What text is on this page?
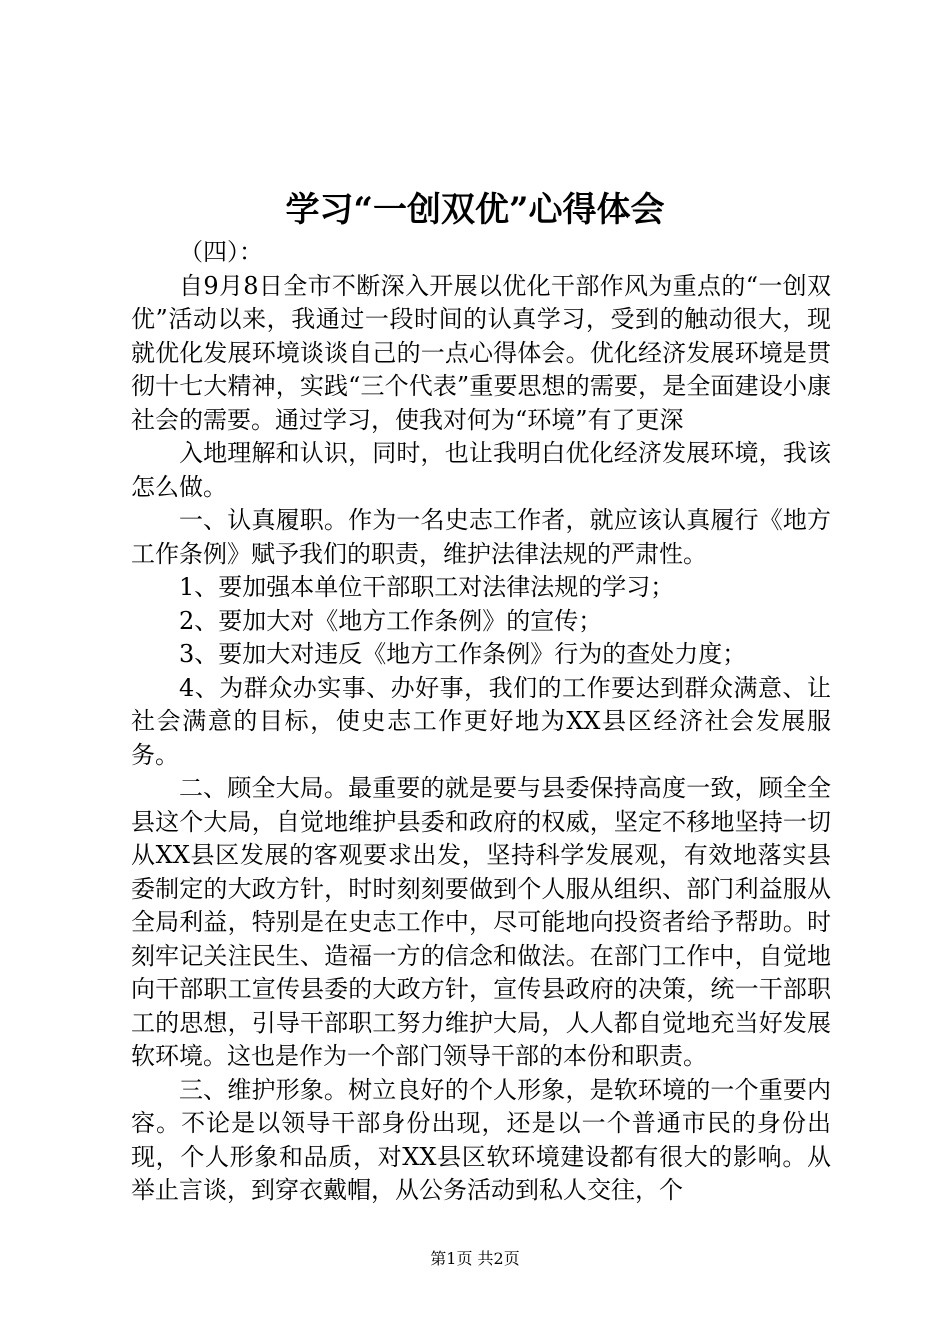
学习“一创双优”心得体会

（四）：

自9月8日全市不断深入开展以优化干部作风为重点的“一创双优”活动以来，我通过一段时间的认真学习，受到的触动很大，现就优化发展环境谈谈自己的一点心得体会。优化经济发展环境是贯彻十七大精神，实践“三个代表”重要思想的需要，是全面建设小康社会的需要。通过学习，使我对何为“环境”有了更深

入地理解和认识，同时，也让我明白优化经济发展环境，我该怎么做。

一、认真履职。作为一名史志工作者，就应该认真履行《地方工作条例》赋予我们的职责，维护法律法规的严肃性。

1、要加强本单位干部职工对法律法规的学习；

2、要加大对《地方工作条例》的宣传；

3、要加大对违反《地方工作条例》行为的查处力度；

4、为群众办实事、办好事，我们的工作要达到群众满意、让社会满意的目标，使史志工作更好地为XX县区经济社会发展服务。

二、顾全大局。最重要的就是要与县委保持高度一致，顾全全县这个大局，自觉地维护县委和政府的权威，坚定不移地坚持一切从XX县区发展的客观要求出发，坚持科学发展观，有效地落实县委制定的大政方针，时时刻刻要做到个人服从组织、部门利益服从全局利益，特别是在史志工作中，尽可能地向投资者给予帮助。时刻牢记关注民生、造福一方的信念和做法。在部门工作中，自觉地向干部职工宣传县委的大政方针，宣传县政府的决策，统一干部职工的思想，引导干部职工努力维护大局，人人都自觉地充当好发展软环境。这也是作为一个部门领导干部的本份和职责。

三、维护形象。树立良好的个人形象，是软环境的一个重要内容。不论是以领导干部身份出现，还是以一个普通市民的身份出现，个人形象和品质，对XX县区软环境建设都有很大的影响。从举止言谈，到穿衣戴帽，从公务活动到私人交往，个

第1页 共2页
